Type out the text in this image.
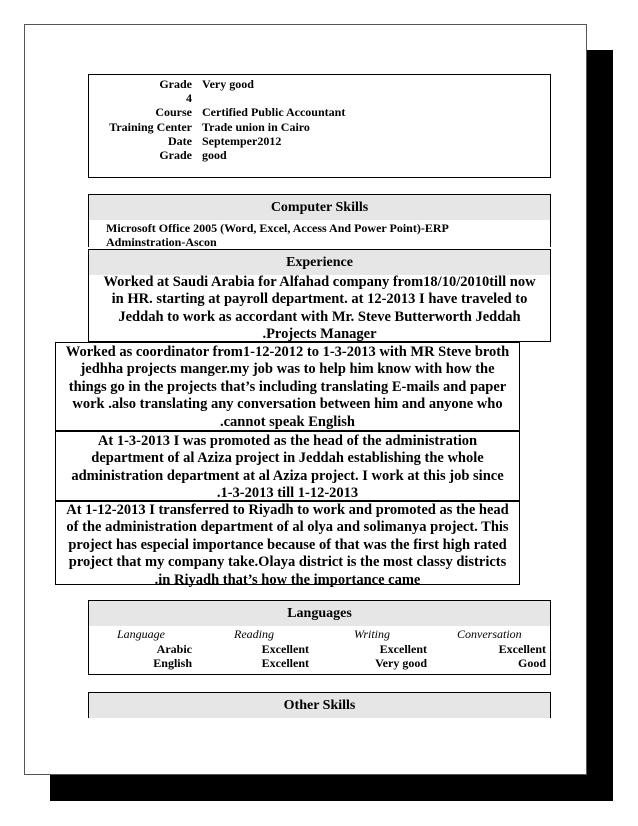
Grade Very good
4
Course Certified Public Accountant
Training Center Trade union in Cairo
Date Septemper2012
Grade good
Computer Skills
Microsoft Office 2005 (Word, Excel, Access And Power Point)-ERP
Adminstration-Ascon
Experience
Worked at Saudi Arabia for Alfahad company from18/10/2010till now
in HR. starting at payroll department. at 12-2013 I have traveled to
Jeddah to work as accordant with Mr. Steve Butterworth Jeddah
.Projects Manager
Worked as coordinator from1-12-2012 to 1-3-2013 with MR Steve broth
jedhha projects manger.my job was to help him know with how the
things go in the projects that’s including translating E-mails and paper
work .also translating any conversation between him and anyone who
.cannot speak English
At 1-3-2013 I was promoted as the head of the administration
department of al Aziza project in Jeddah establishing the whole
administration department at al Aziza project. I work at this job since
.1-3-2013 till 1-12-2013
At 1-12-2013 I transferred to Riyadh to work and promoted as the head
of the administration department of al olya and solimanya project. This
project has especial importance because of that was the first high rated
project that my company take.Olaya district is the most classy districts
.in Riyadh that’s how the importance came
Languages
Language	Reading	Writing	Conversation
Arabic	Excellent	Excellent	Excellent
English	Excellent	Very good	Good
Other Skills
